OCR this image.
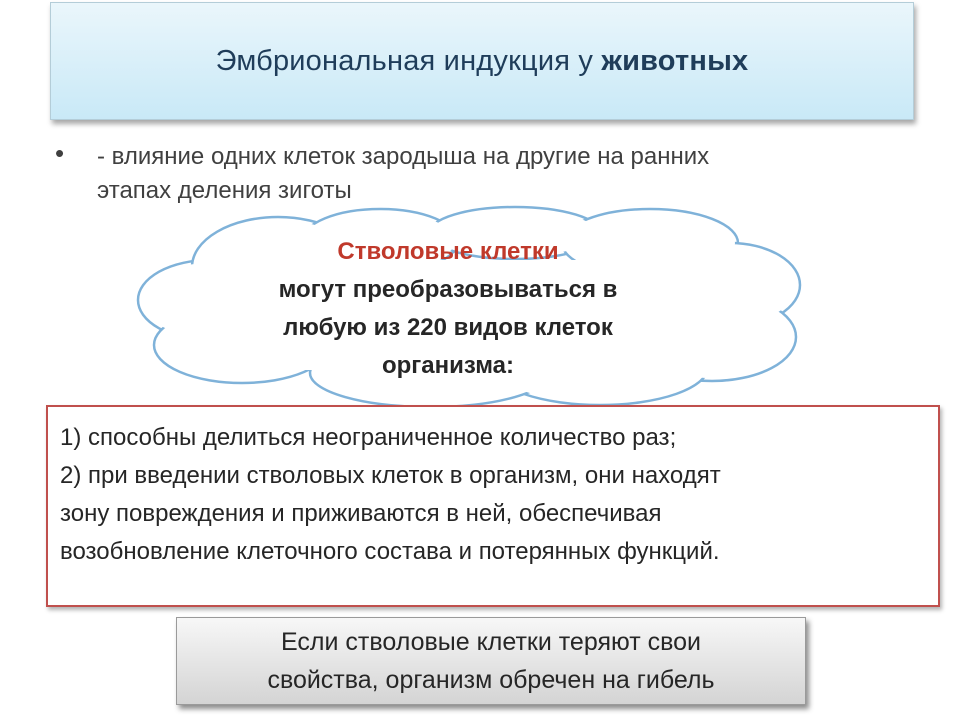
Эмбриональная индукция у животных
• - влияние одних клеток зародыша на другие на ранних
этапах деления зиготы
Стволовые клетки
могут преобразовываться в
любую из 220 видов клеток
организма:
1) способны делиться неограниченное количество раз;
2) при введении стволовых клеток в организм, они находят
зону повреждения и приживаются в ней, обеспечивая
возобновление клеточного состава и потерянных функций.
Если стволовые клетки теряют свои
свойства, организм обречен на гибель
